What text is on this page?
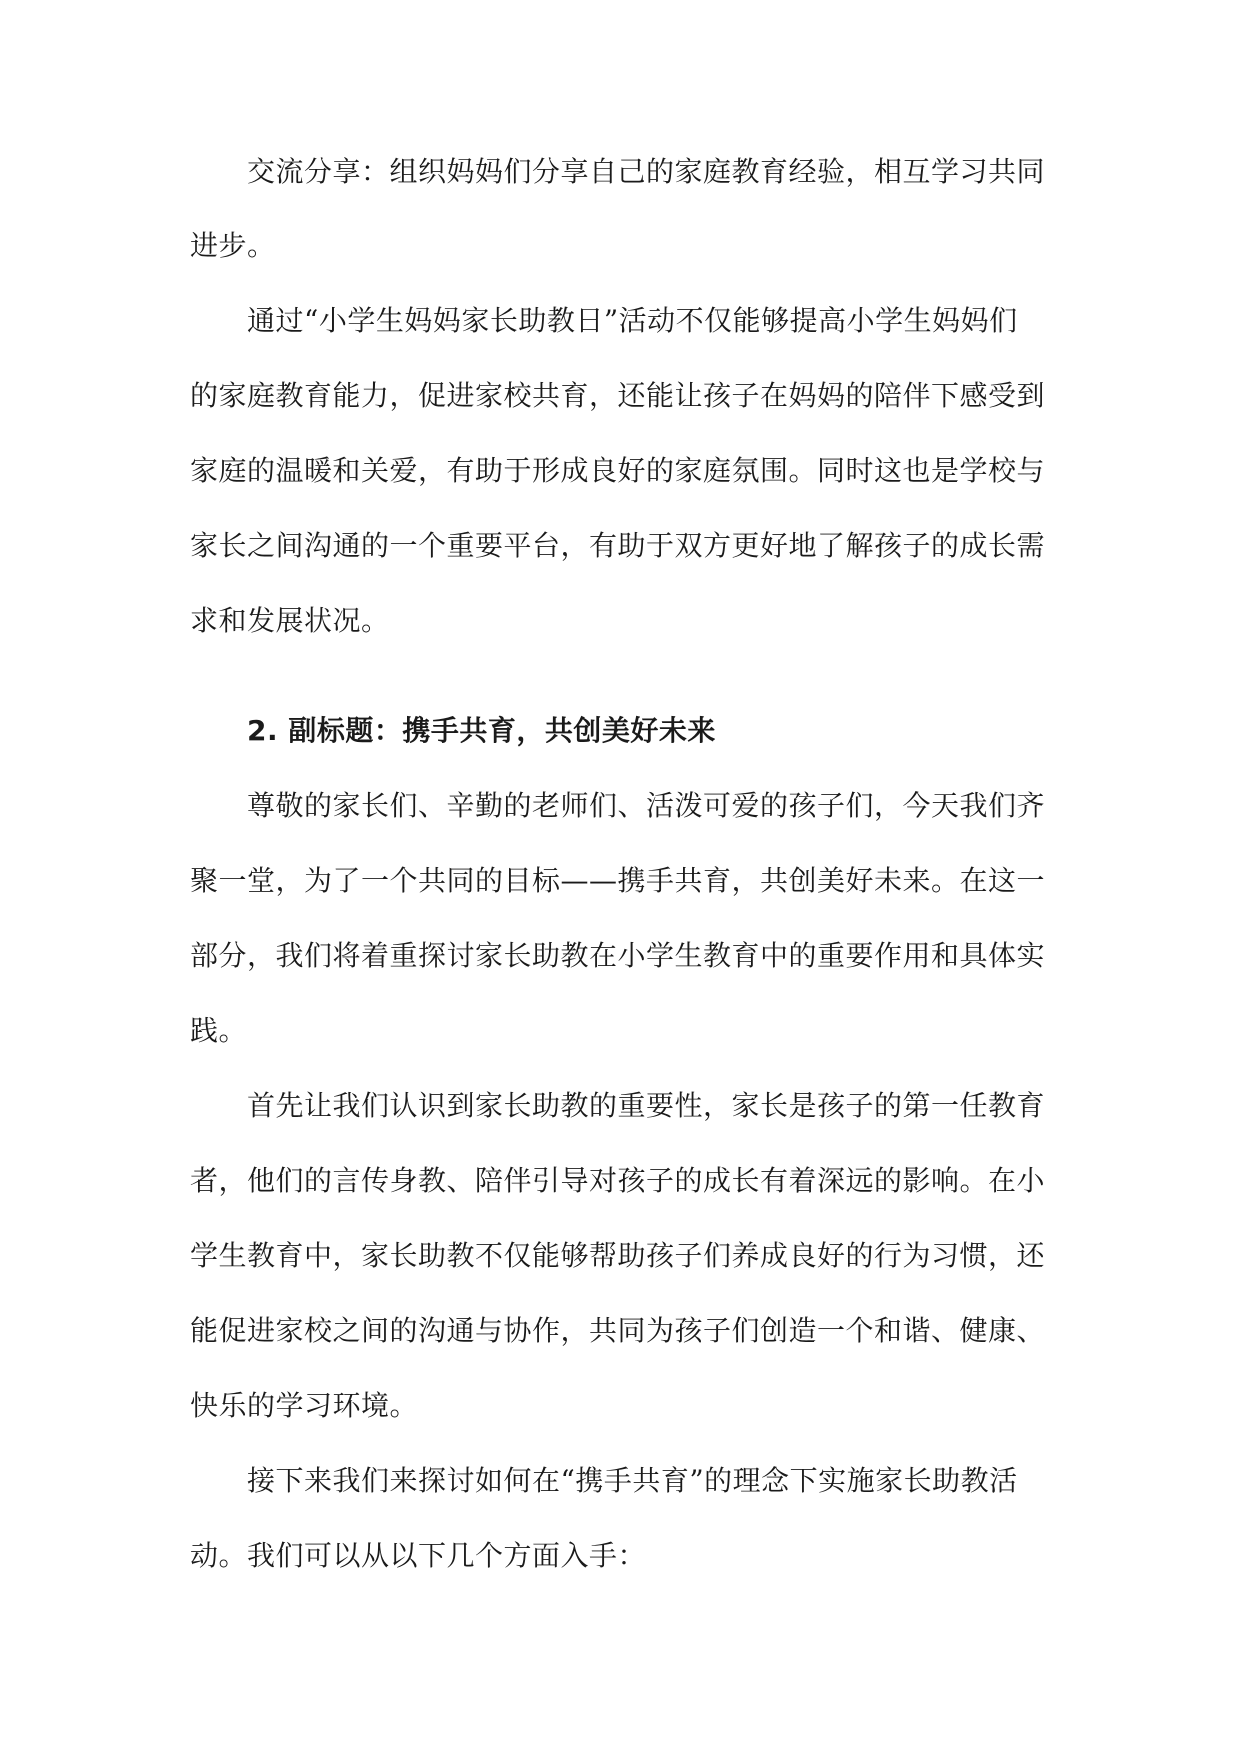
交流分享：组织妈妈们分享自己的家庭教育经验，相互学习共同
进步。
通过“小学生妈妈家长助教日”活动不仅能够提高小学生妈妈们
的家庭教育能力，促进家校共育，还能让孩子在妈妈的陪伴下感受到
家庭的温暖和关爱，有助于形成良好的家庭氛围。同时这也是学校与
家长之间沟通的一个重要平台，有助于双方更好地了解孩子的成长需
求和发展状况。
2. 副标题：携手共育，共创美好未来
尊敬的家长们、辛勤的老师们、活泼可爱的孩子们，今天我们齐
聚一堂，为了一个共同的目标——携手共育，共创美好未来。在这一
部分，我们将着重探讨家长助教在小学生教育中的重要作用和具体实
践。
首先让我们认识到家长助教的重要性，家长是孩子的第一任教育
者，他们的言传身教、陪伴引导对孩子的成长有着深远的影响。在小
学生教育中，家长助教不仅能够帮助孩子们养成良好的行为习惯，还
能促进家校之间的沟通与协作，共同为孩子们创造一个和谐、健康、
快乐的学习环境。
接下来我们来探讨如何在“携手共育”的理念下实施家长助教活
动。我们可以从以下几个方面入手：
